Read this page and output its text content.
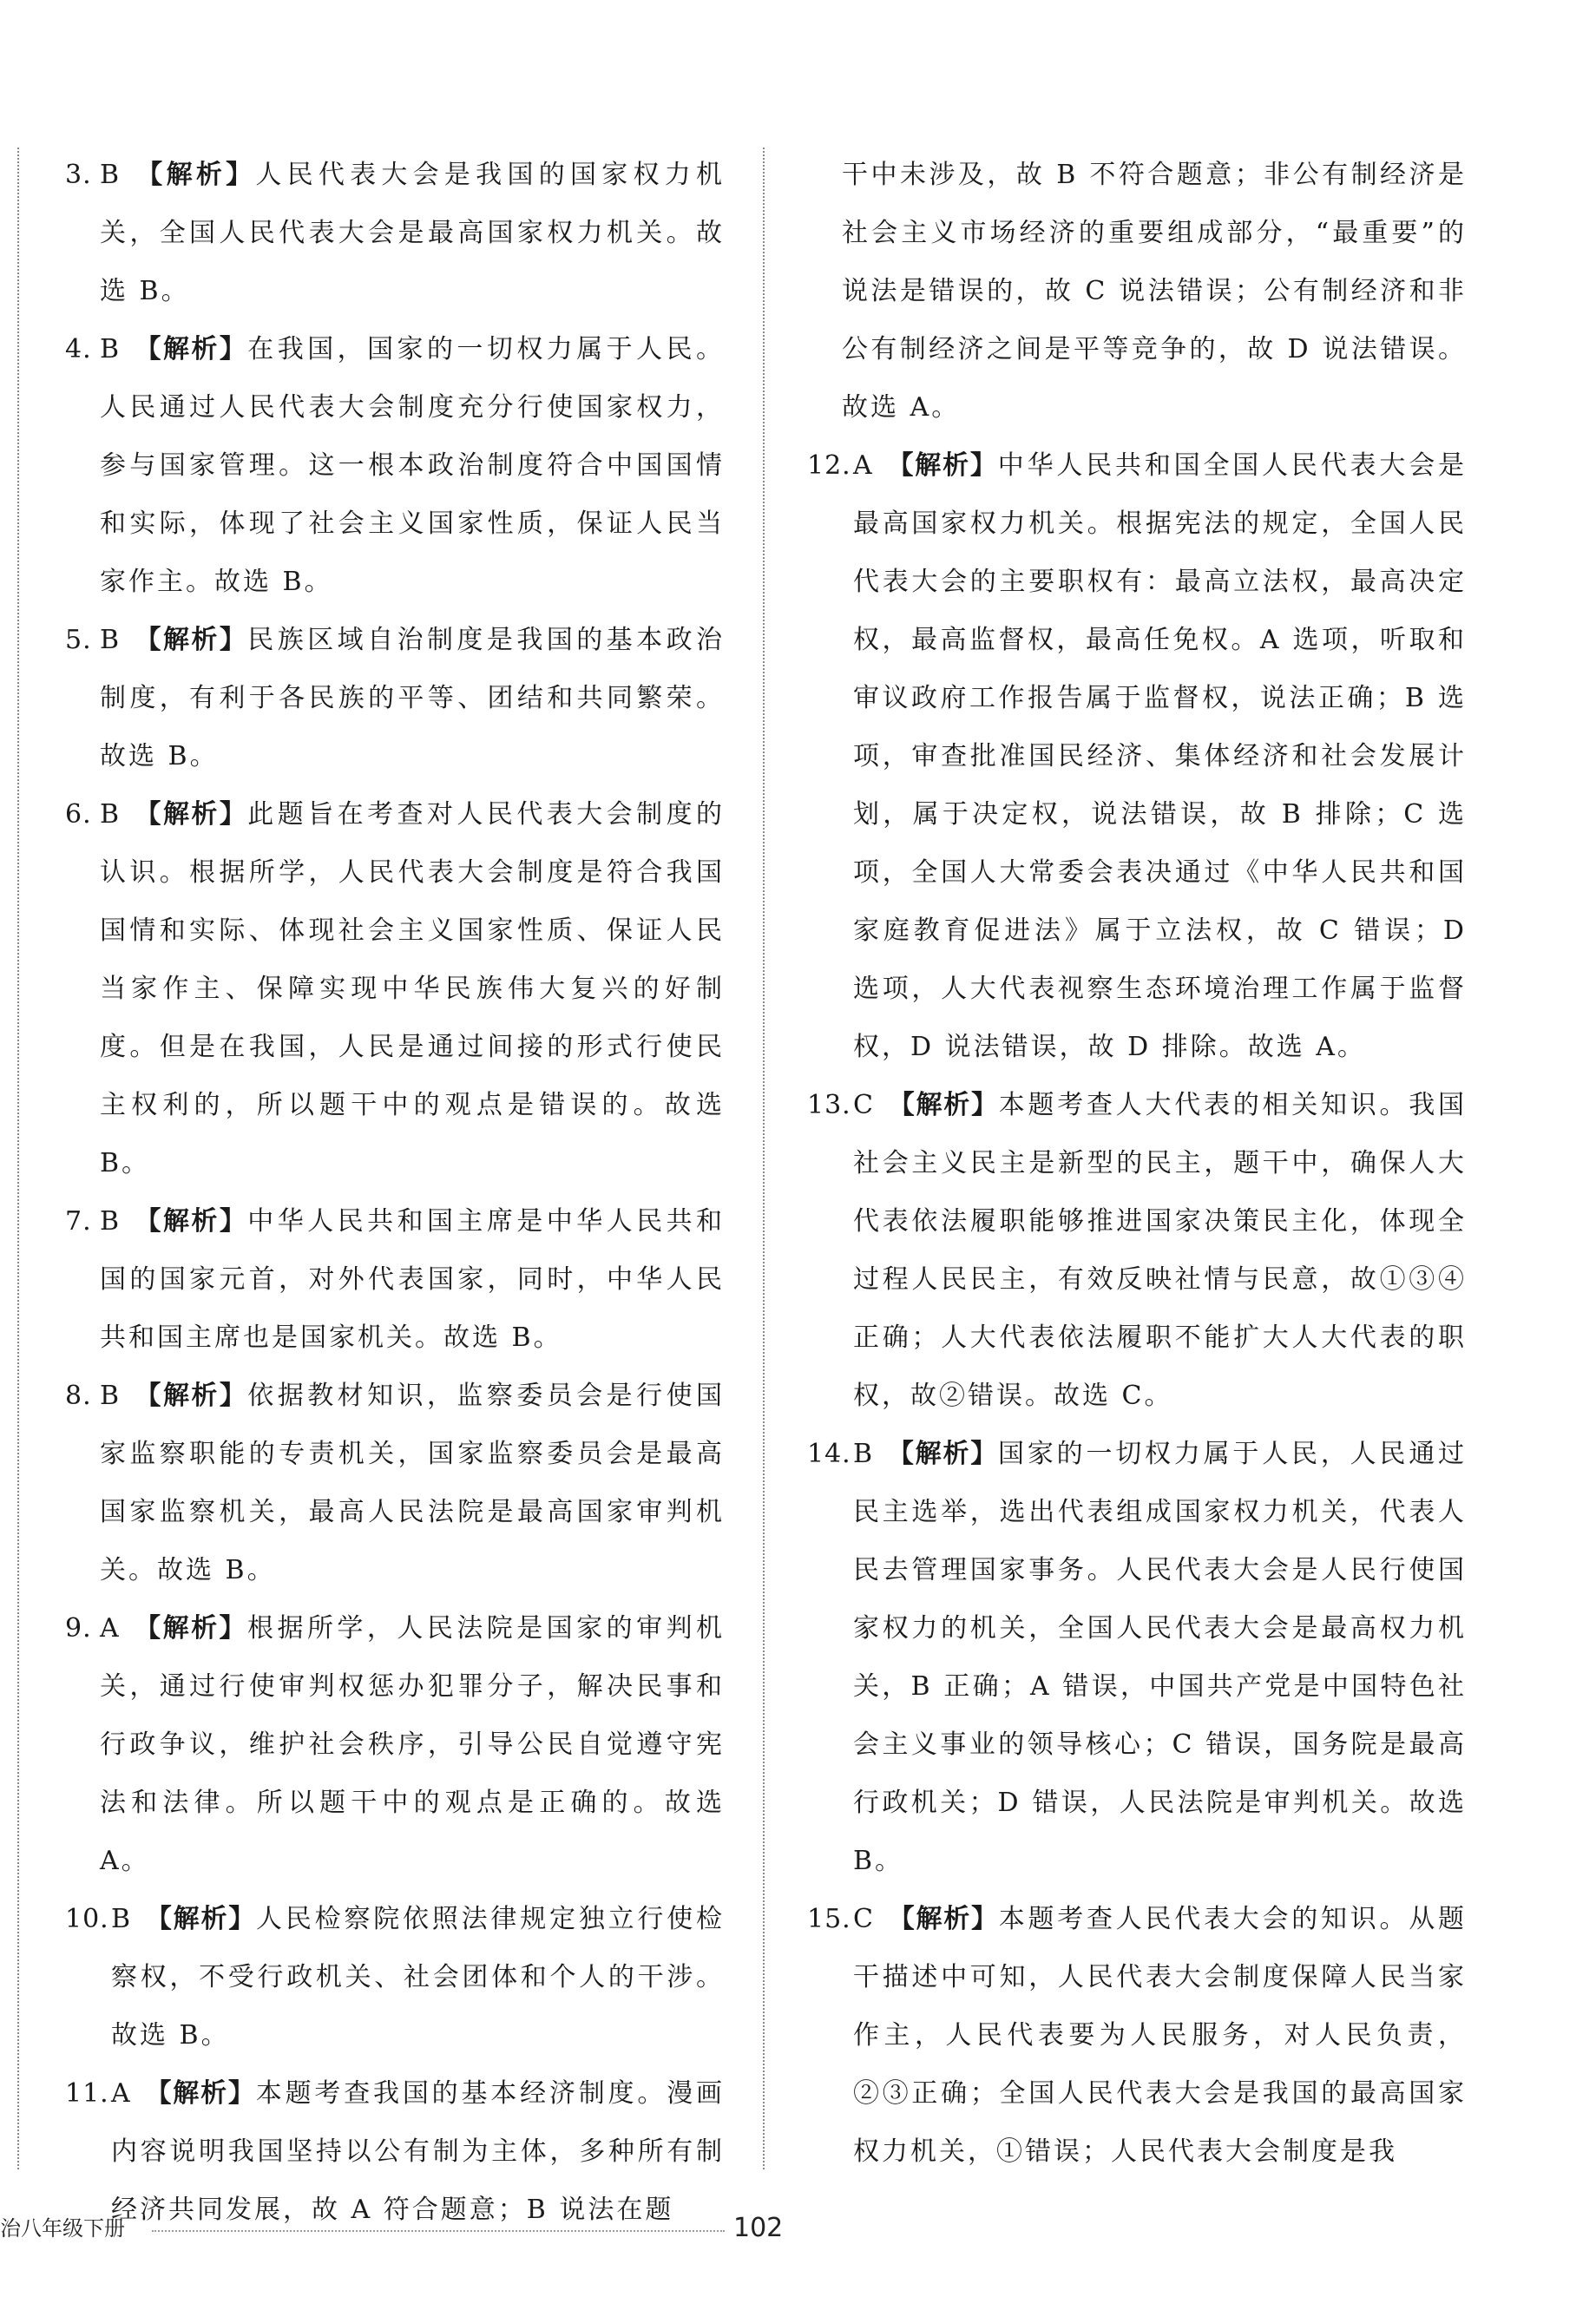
3. B 【解析】人民代表大会是我国的国家权力机关，全国人民代表大会是最高国家权力机关。故选 B。
4. B 【解析】在我国，国家的一切权力属于人民。人民通过人民代表大会制度充分行使国家权力，参与国家管理。这一根本政治制度符合中国国情和实际，体现了社会主义国家性质，保证人民当家作主。故选 B。
5. B 【解析】民族区域自治制度是我国的基本政治制度，有利于各民族的平等、团结和共同繁荣。故选 B。
6. B 【解析】此题旨在考查对人民代表大会制度的认识。根据所学，人民代表大会制度是符合我国国情和实际、体现社会主义国家性质、保证人民当家作主、保障实现中华民族伟大复兴的好制度。但是在我国，人民是通过间接的形式行使民主权利的，所以题干中的观点是错误的。故选 B。
7. B 【解析】中华人民共和国主席是中华人民共和国的国家元首，对外代表国家，同时，中华人民共和国主席也是国家机关。故选 B。
8. B 【解析】依据教材知识，监察委员会是行使国家监察职能的专责机关，国家监察委员会是最高国家监察机关，最高人民法院是最高国家审判机关。故选 B。
9. A 【解析】根据所学，人民法院是国家的审判机关，通过行使审判权惩办犯罪分子，解决民事和行政争议，维护社会秩序，引导公民自觉遵守宪法和法律。所以题干中的观点是正确的。故选 A。
10. B 【解析】人民检察院依照法律规定独立行使检察权，不受行政机关、社会团体和个人的干涉。故选 B。
11. A 【解析】本题考查我国的基本经济制度。漫画内容说明我国坚持以公有制为主体，多种所有制经济共同发展，故 A 符合题意；B 说法在题
干中未涉及，故 B 不符合题意；非公有制经济是社会主义市场经济的重要组成部分，“最重要”的说法是错误的，故 C 说法错误；公有制经济和非公有制经济之间是平等竞争的，故 D 说法错误。故选 A。
12. A 【解析】中华人民共和国全国人民代表大会是最高国家权力机关。根据宪法的规定，全国人民代表大会的主要职权有：最高立法权，最高决定权，最高监督权，最高任免权。A 选项，听取和审议政府工作报告属于监督权，说法正确；B 选项，审查批准国民经济、集体经济和社会发展计划，属于决定权，说法错误，故 B 排除；C 选项，全国人大常委会表决通过《中华人民共和国家庭教育促进法》属于立法权，故 C 错误；D 选项，人大代表视察生态环境治理工作属于监督权，D 说法错误，故 D 排除。故选 A。
13. C 【解析】本题考查人大代表的相关知识。我国社会主义民主是新型的民主，题干中，确保人大代表依法履职能够推进国家决策民主化，体现全过程人民民主，有效反映社情与民意，故①③④正确；人大代表依法履职不能扩大人大代表的职权，故②错误。故选 C。
14. B 【解析】国家的一切权力属于人民，人民通过民主选举，选出代表组成国家权力机关，代表人民去管理国家事务。人民代表大会是人民行使国家权力的机关，全国人民代表大会是最高权力机关，B 正确；A 错误，中国共产党是中国特色社会主义事业的领导核心；C 错误，国务院是最高行政机关；D 错误，人民法院是审判机关。故选 B。
15. C 【解析】本题考查人民代表大会的知识。从题干描述中可知，人民代表大会制度保障人民当家作主，人民代表要为人民服务，对人民负责，②③正确；全国人民代表大会是我国的最高国家权力机关，①错误；人民代表大会制度是我
治八年级下册	102
